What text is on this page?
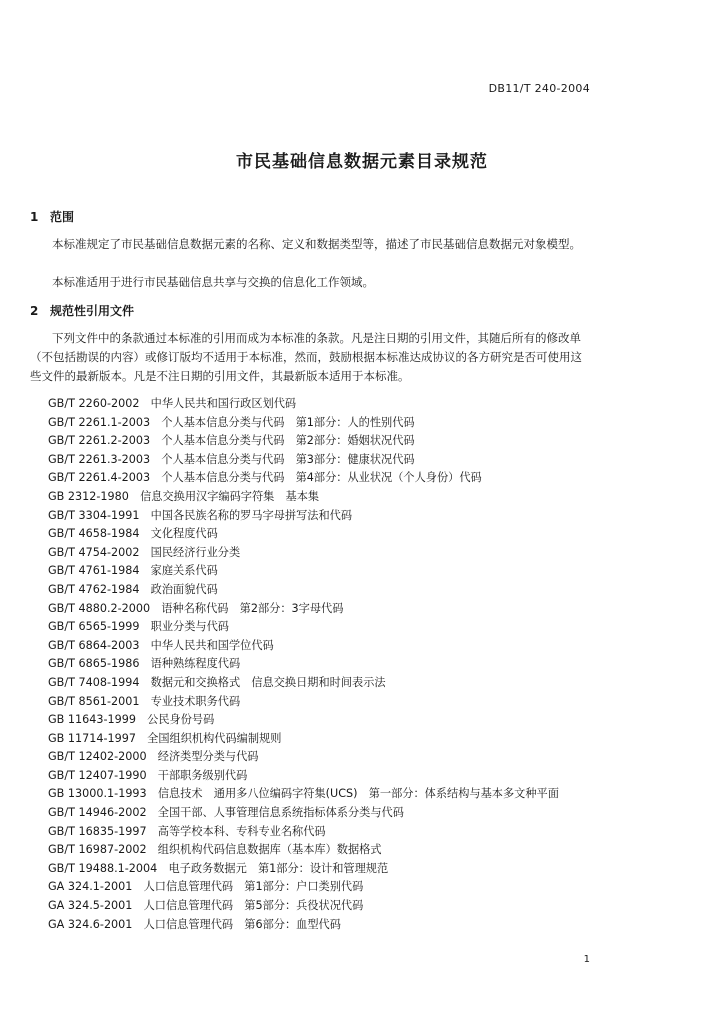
DB11/T 240-2004
市民基础信息数据元素目录规范
1 范围
本标准规定了市民基础信息数据元素的名称、定义和数据类型等，描述了市民基础信息数据元对象模型。
本标准适用于进行市民基础信息共享与交换的信息化工作领域。
2 规范性引用文件
下列文件中的条款通过本标准的引用而成为本标准的条款。凡是注日期的引用文件，其随后所有的修改单（不包括勘误的内容）或修订版均不适用于本标准，然而，鼓励根据本标准达成协议的各方研究是否可使用这些文件的最新版本。凡是不注日期的引用文件，其最新版本适用于本标准。
GB/T 2260-2002　中华人民共和国行政区划代码
GB/T 2261.1-2003　个人基本信息分类与代码　第1部分：人的性别代码
GB/T 2261.2-2003　个人基本信息分类与代码　第2部分：婚姻状况代码
GB/T 2261.3-2003　个人基本信息分类与代码　第3部分：健康状况代码
GB/T 2261.4-2003　个人基本信息分类与代码　第4部分：从业状况（个人身份）代码
GB 2312-1980　信息交换用汉字编码字符集　基本集
GB/T 3304-1991　中国各民族名称的罗马字母拼写法和代码
GB/T 4658-1984　文化程度代码
GB/T 4754-2002　国民经济行业分类
GB/T 4761-1984　家庭关系代码
GB/T 4762-1984　政治面貌代码
GB/T 4880.2-2000　语种名称代码　第2部分：3字母代码
GB/T 6565-1999　职业分类与代码
GB/T 6864-2003　中华人民共和国学位代码
GB/T 6865-1986　语种熟练程度代码
GB/T 7408-1994　数据元和交换格式　信息交换日期和时间表示法
GB/T 8561-2001　专业技术职务代码
GB 11643-1999　公民身份号码
GB 11714-1997　全国组织机构代码编制规则
GB/T 12402-2000　经济类型分类与代码
GB/T 12407-1990　干部职务级别代码
GB 13000.1-1993　信息技术　通用多八位编码字符集(UCS)　第一部分：体系结构与基本多文种平面
GB/T 14946-2002　全国干部、人事管理信息系统指标体系分类与代码
GB/T 16835-1997　高等学校本科、专科专业名称代码
GB/T 16987-2002　组织机构代码信息数据库（基本库）数据格式
GB/T 19488.1-2004　电子政务数据元　第1部分：设计和管理规范
GA 324.1-2001　人口信息管理代码　第1部分：户口类别代码
GA 324.5-2001　人口信息管理代码　第5部分：兵役状况代码
GA 324.6-2001　人口信息管理代码　第6部分：血型代码
1
